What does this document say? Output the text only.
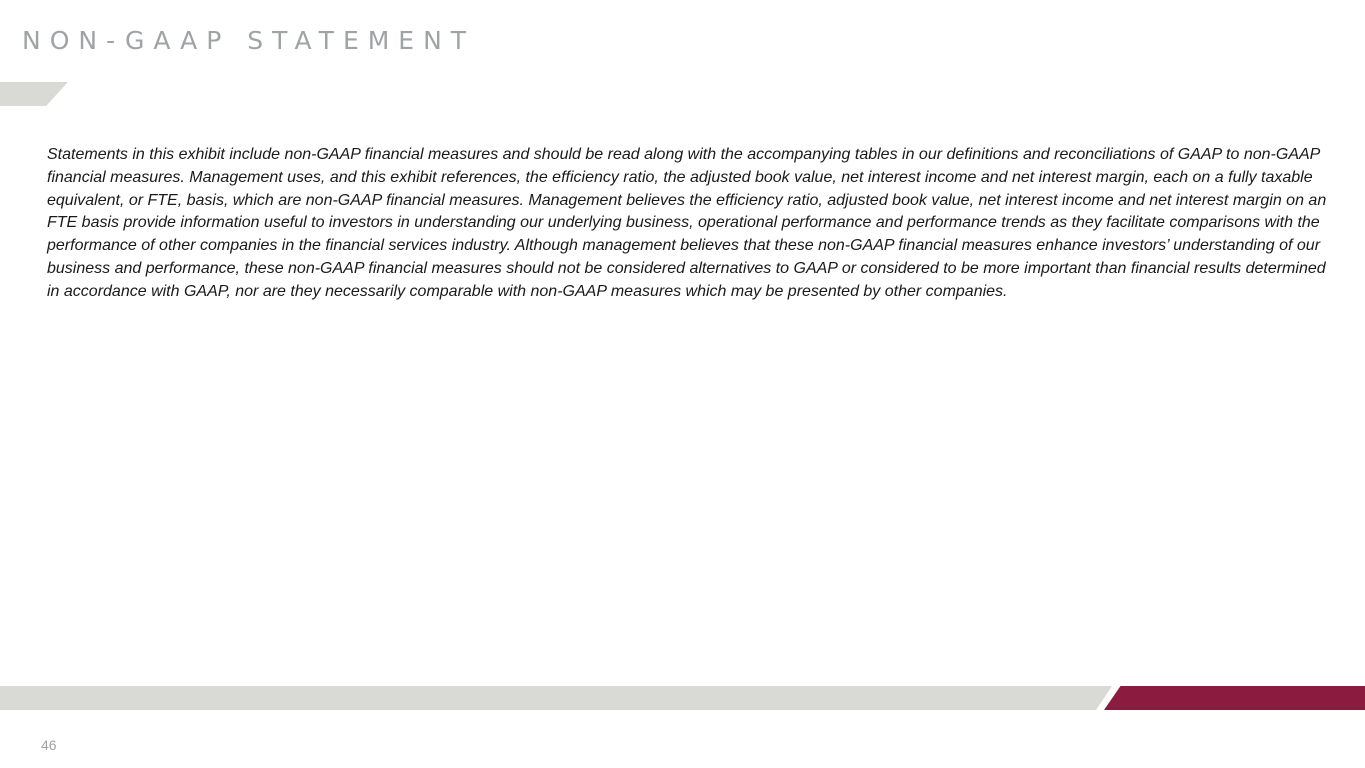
NON-GAAP STATEMENT

Statements in this exhibit include non-GAAP financial measures and should be read along with the accompanying tables in our definitions and reconciliations of GAAP to non-GAAP financial measures. Management uses, and this exhibit references, the efficiency ratio, the adjusted book value, net interest income and net interest margin, each on a fully taxable equivalent, or FTE, basis, which are non-GAAP financial measures. Management believes the efficiency ratio, adjusted book value, net interest income and net interest margin on an FTE basis provide information useful to investors in understanding our underlying business, operational performance and performance trends as they facilitate comparisons with the performance of other companies in the financial services industry. Although management believes that these non-GAAP financial measures enhance investors’ understanding of our business and performance, these non-GAAP financial measures should not be considered alternatives to GAAP or considered to be more important than financial results determined in accordance with GAAP, nor are they necessarily comparable with non-GAAP measures which may be presented by other companies.

46
